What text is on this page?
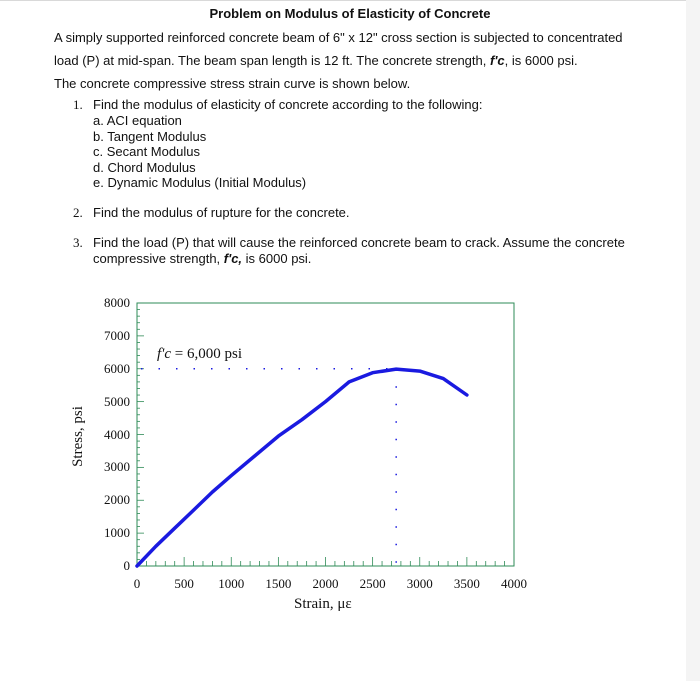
Problem on Modulus of Elasticity of Concrete
A simply supported reinforced concrete beam of 6" x 12" cross section is subjected to concentrated
load (P) at mid-span. The beam span length is 12 ft. The concrete strength, f'c, is 6000 psi.
The concrete compressive stress strain curve is shown below.
1. Find the modulus of elasticity of concrete according to the following:
a. ACI equation
b. Tangent Modulus
c. Secant Modulus
d. Chord Modulus
e. Dynamic Modulus (Initial Modulus)
2. Find the modulus of rupture for the concrete.
3. Find the load (P) that will cause the reinforced concrete beam to crack. Assume the concrete
compressive strength, f'c, is 6000 psi.
0
1000
2000
3000
4000
5000
6000
7000
8000
0	500	1000	1500	2000	2500	3000	3500	4000
Stress, psi
Strain, με
f'c = 6,000 psi
